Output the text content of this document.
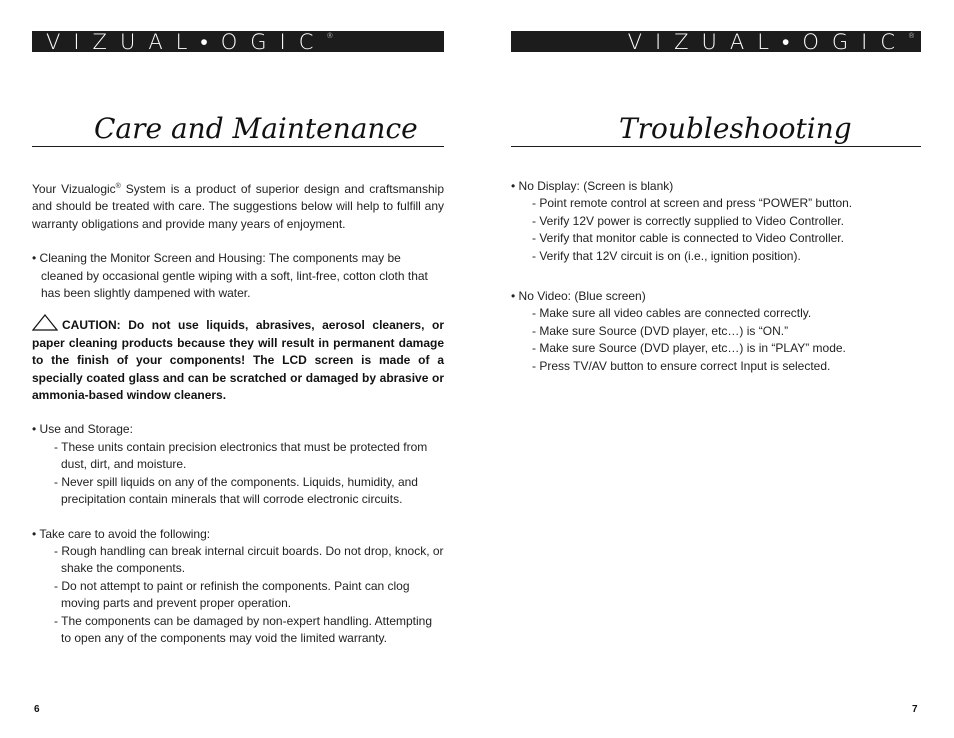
VIZUAL•OGIC®	VIZUAL•OGIC®
Care and Maintenance	Troubleshooting

Your Vizualogic® System is a product of superior design and craftsmanship and should be treated with care. The suggestions below will help to fulfill any warranty obligations and provide many years of enjoyment.

• Cleaning the Monitor Screen and Housing: The components may be cleaned by occasional gentle wiping with a soft, lint-free, cotton cloth that has been slightly dampened with water.

CAUTION: Do not use liquids, abrasives, aerosol cleaners, or paper cleaning products because they will result in permanent damage to the finish of your components! The LCD screen is made of a specially coated glass and can be scratched or damaged by abrasive or ammonia-based window cleaners.

• Use and Storage:

- These units contain precision electronics that must be protected from dust, dirt, and moisture.

- Never spill liquids on any of the components. Liquids, humidity, and precipitation contain minerals that will corrode electronic circuits.

• Take care to avoid the following:

- Rough handling can break internal circuit boards. Do not drop, knock, or shake the components.

- Do not attempt to paint or refinish the components. Paint can clog moving parts and prevent proper operation.

- The components can be damaged by non-expert handling. Attempting to open any of the components may void the limited warranty.

• No Display: (Screen is blank)

- Point remote control at screen and press “POWER” button.

- Verify 12V power is correctly supplied to Video Controller.

- Verify that monitor cable is connected to Video Controller.

- Verify that 12V circuit is on (i.e., ignition position).

• No Video: (Blue screen)

- Make sure all video cables are connected correctly.

- Make sure Source (DVD player, etc…) is “ON.”

- Make sure Source (DVD player, etc…) is in “PLAY” mode.

- Press TV/AV button to ensure correct Input is selected.

6	7
